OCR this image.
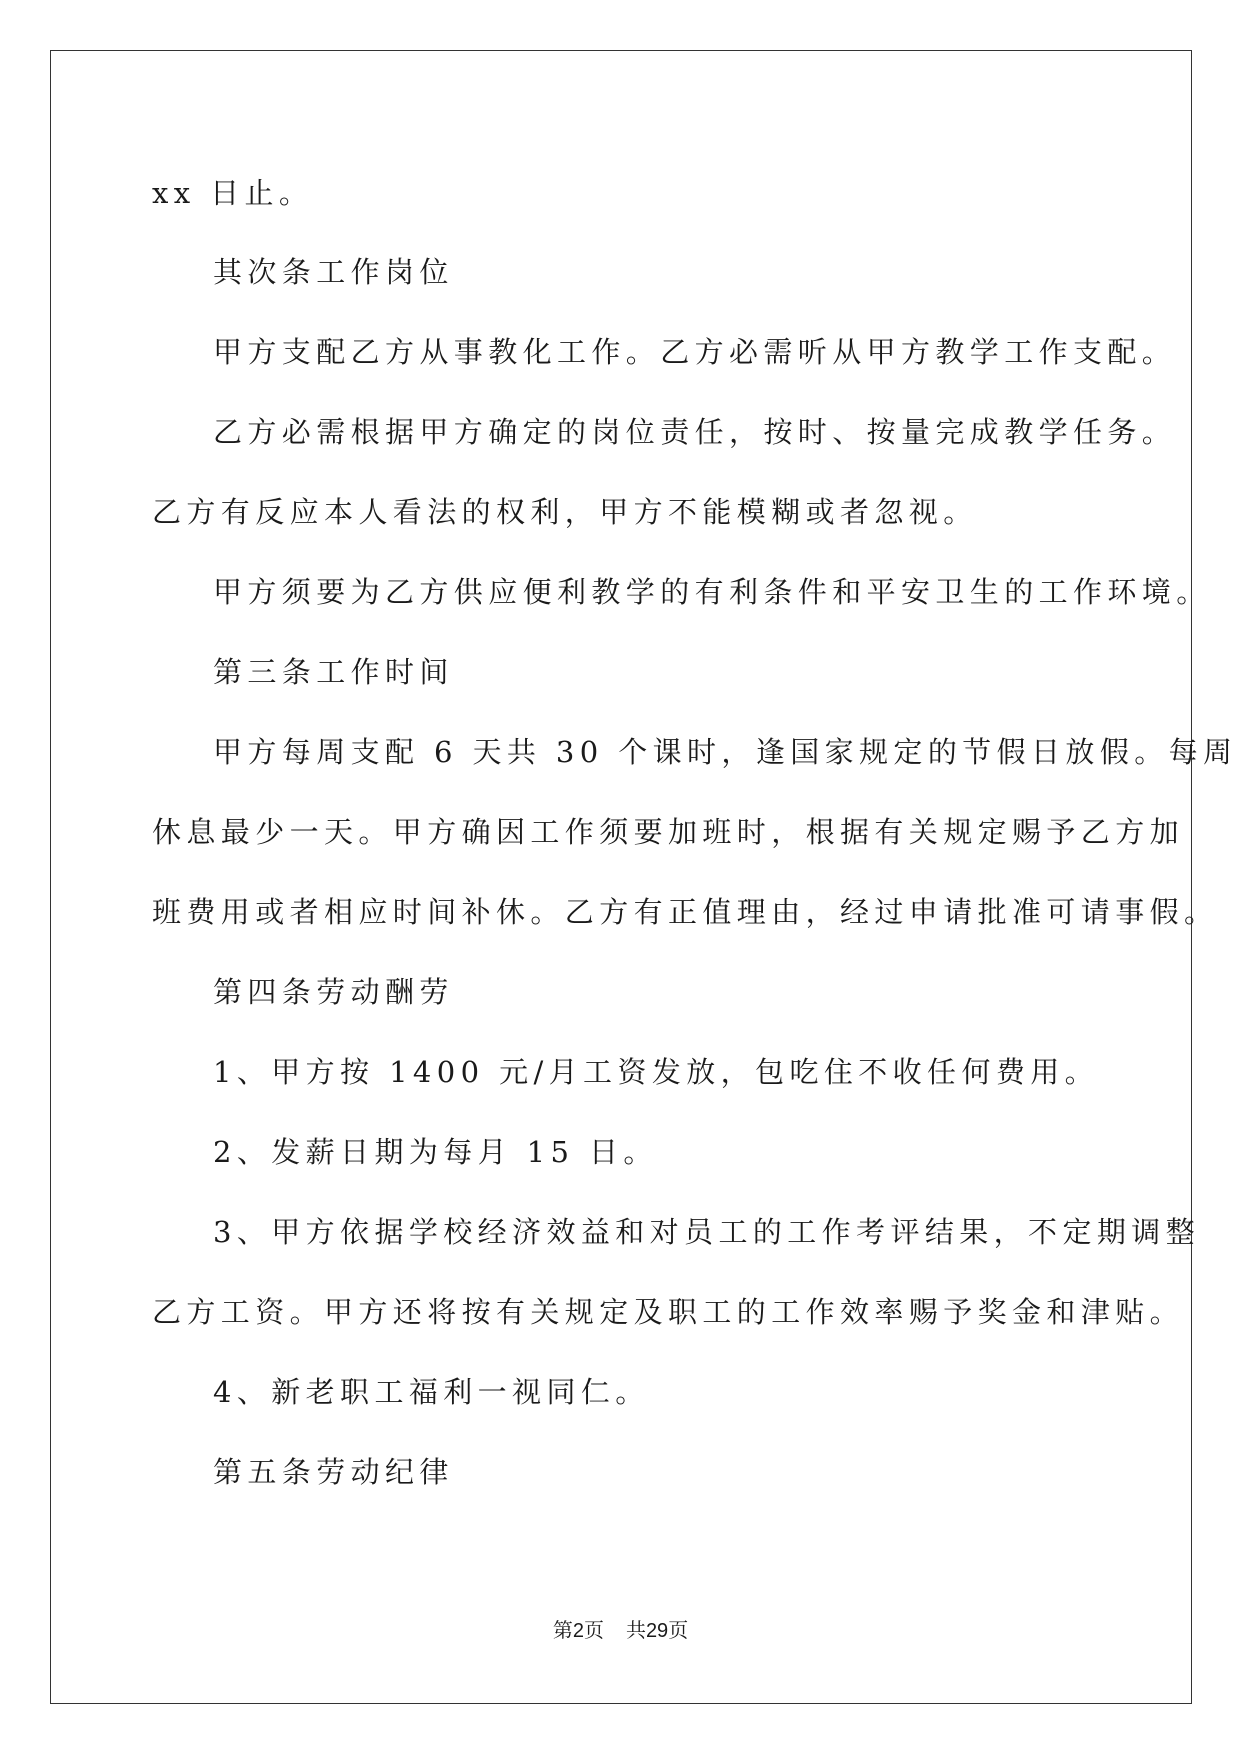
xx 日止。
其次条工作岗位
甲方支配乙方从事教化工作。乙方必需听从甲方教学工作支配。
乙方必需根据甲方确定的岗位责任，按时、按量完成教学任务。
乙方有反应本人看法的权利，甲方不能模糊或者忽视。
甲方须要为乙方供应便利教学的有利条件和平安卫生的工作环境。
第三条工作时间
甲方每周支配 6 天共 30 个课时，逢国家规定的节假日放假。每周
休息最少一天。甲方确因工作须要加班时，根据有关规定赐予乙方加
班费用或者相应时间补休。乙方有正值理由，经过申请批准可请事假。
第四条劳动酬劳
1、甲方按 1400 元/月工资发放，包吃住不收任何费用。
2、发薪日期为每月 15 日。
3、甲方依据学校经济效益和对员工的工作考评结果，不定期调整
乙方工资。甲方还将按有关规定及职工的工作效率赐予奖金和津贴。
4、新老职工福利一视同仁。
第五条劳动纪律
第2页 共29页
